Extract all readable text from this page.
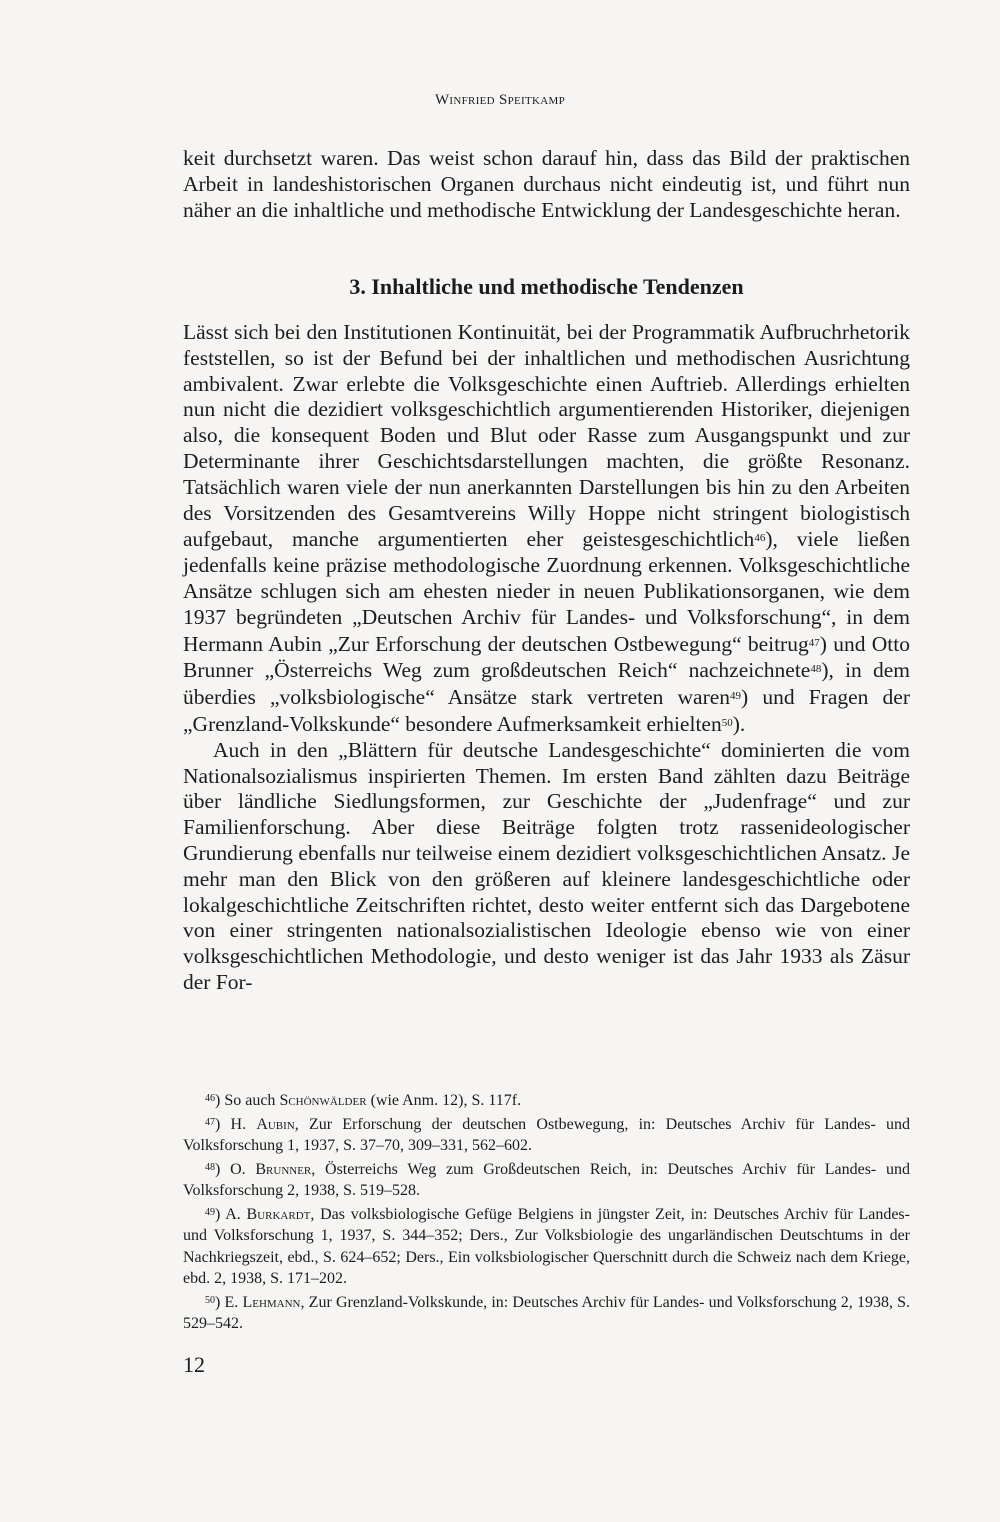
Winfried Speitkamp

keit durchsetzt waren. Das weist schon darauf hin, dass das Bild der praktischen Arbeit in landeshistorischen Organen durchaus nicht eindeutig ist, und führt nun näher an die inhaltliche und methodische Entwicklung der Landesgeschichte heran.

3. Inhaltliche und methodische Tendenzen

Lässt sich bei den Institutionen Kontinuität, bei der Programmatik Aufbruchrhetorik feststellen, so ist der Befund bei der inhaltlichen und methodischen Ausrichtung ambivalent. Zwar erlebte die Volksgeschichte einen Auftrieb. Allerdings erhielten nun nicht die dezidiert volksgeschichtlich argumentierenden Historiker, diejenigen also, die konsequent Boden und Blut oder Rasse zum Ausgangspunkt und zur Determinante ihrer Geschichtsdarstellungen machten, die größte Resonanz. Tatsächlich waren viele der nun anerkannten Darstellungen bis hin zu den Arbeiten des Vorsitzenden des Gesamtvereins Willy Hoppe nicht stringent biologistisch aufgebaut, manche argumentierten eher geistesgeschichtlich$^{46}$), viele ließen jedenfalls keine präzise methodologische Zuordnung erkennen. Volksgeschichtliche Ansätze schlugen sich am ehesten nieder in neuen Publikationsorganen, wie dem 1937 begründeten „Deutschen Archiv für Landes- und Volksforschung“, in dem Hermann Aubin „Zur Erforschung der deutschen Ostbewegung“ beitrug$^{47}$) und Otto Brunner „Österreichs Weg zum großdeutschen Reich“ nachzeichnete$^{48}$), in dem überdies „volksbiologische“ Ansätze stark vertreten waren$^{49}$) und Fragen der „Grenzland-Volkskunde“ besondere Aufmerksamkeit erhielten$^{50}$).

Auch in den „Blättern für deutsche Landesgeschichte“ dominierten die vom Nationalsozialismus inspirierten Themen. Im ersten Band zählten dazu Beiträge über ländliche Siedlungsformen, zur Geschichte der „Judenfrage“ und zur Familienforschung. Aber diese Beiträge folgten trotz rassenideologischer Grundierung ebenfalls nur teilweise einem dezidiert volksgeschichtlichen Ansatz. Je mehr man den Blick von den größeren auf kleinere landesgeschichtliche oder lokalgeschichtliche Zeitschriften richtet, desto weiter entfernt sich das Dargebotene von einer stringenten nationalsozialistischen Ideologie ebenso wie von einer volksgeschichtlichen Methodologie, und desto weniger ist das Jahr 1933 als Zäsur der For-

$^{46}$) So auch Schönwälder (wie Anm. 12), S. 117f.

$^{47}$) H. Aubin, Zur Erforschung der deutschen Ostbewegung, in: Deutsches Archiv für Landes- und Volksforschung 1, 1937, S. 37–70, 309–331, 562–602.

$^{48}$) O. Brunner, Österreichs Weg zum Großdeutschen Reich, in: Deutsches Archiv für Landes- und Volksforschung 2, 1938, S. 519–528.

$^{49}$) A. Burkardt, Das volksbiologische Gefüge Belgiens in jüngster Zeit, in: Deutsches Archiv für Landes- und Volksforschung 1, 1937, S. 344–352; Ders., Zur Volksbiologie des ungarländischen Deutschtums in der Nachkriegszeit, ebd., S. 624–652; Ders., Ein volksbiologischer Querschnitt durch die Schweiz nach dem Kriege, ebd. 2, 1938, S. 171–202.

$^{50}$) E. Lehmann, Zur Grenzland-Volkskunde, in: Deutsches Archiv für Landes- und Volksforschung 2, 1938, S. 529–542.

12
